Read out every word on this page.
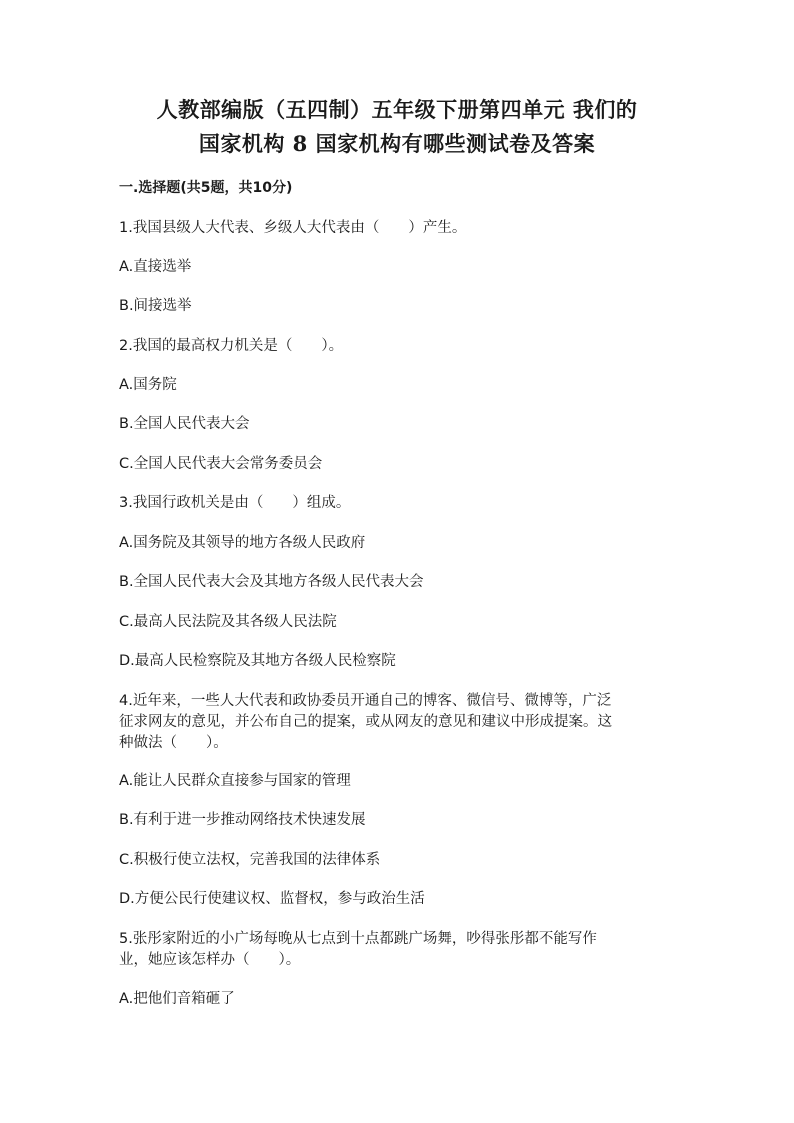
人教部编版（五四制）五年级下册第四单元 我们的
国家机构 8 国家机构有哪些测试卷及答案
一.选择题(共5题，共10分)
1.我国县级人大代表、乡级人大代表由（　　）产生。
A.直接选举
B.间接选举
2.我国的最高权力机关是（　　）。
A.国务院
B.全国人民代表大会
C.全国人民代表大会常务委员会
3.我国行政机关是由（　　）组成。
A.国务院及其领导的地方各级人民政府
B.全国人民代表大会及其地方各级人民代表大会
C.最高人民法院及其各级人民法院
D.最高人民检察院及其地方各级人民检察院
4.近年来，一些人大代表和政协委员开通自己的博客、微信号、微博等，广泛
征求网友的意见，并公布自己的提案，或从网友的意见和建议中形成提案。这
种做法（　　）。
A.能让人民群众直接参与国家的管理
B.有利于进一步推动网络技术快速发展
C.积极行使立法权，完善我国的法律体系
D.方便公民行使建议权、监督权，参与政治生活
5.张彤家附近的小广场每晚从七点到十点都跳广场舞，吵得张彤都不能写作
业，她应该怎样办（　　）。
A.把他们音箱砸了
